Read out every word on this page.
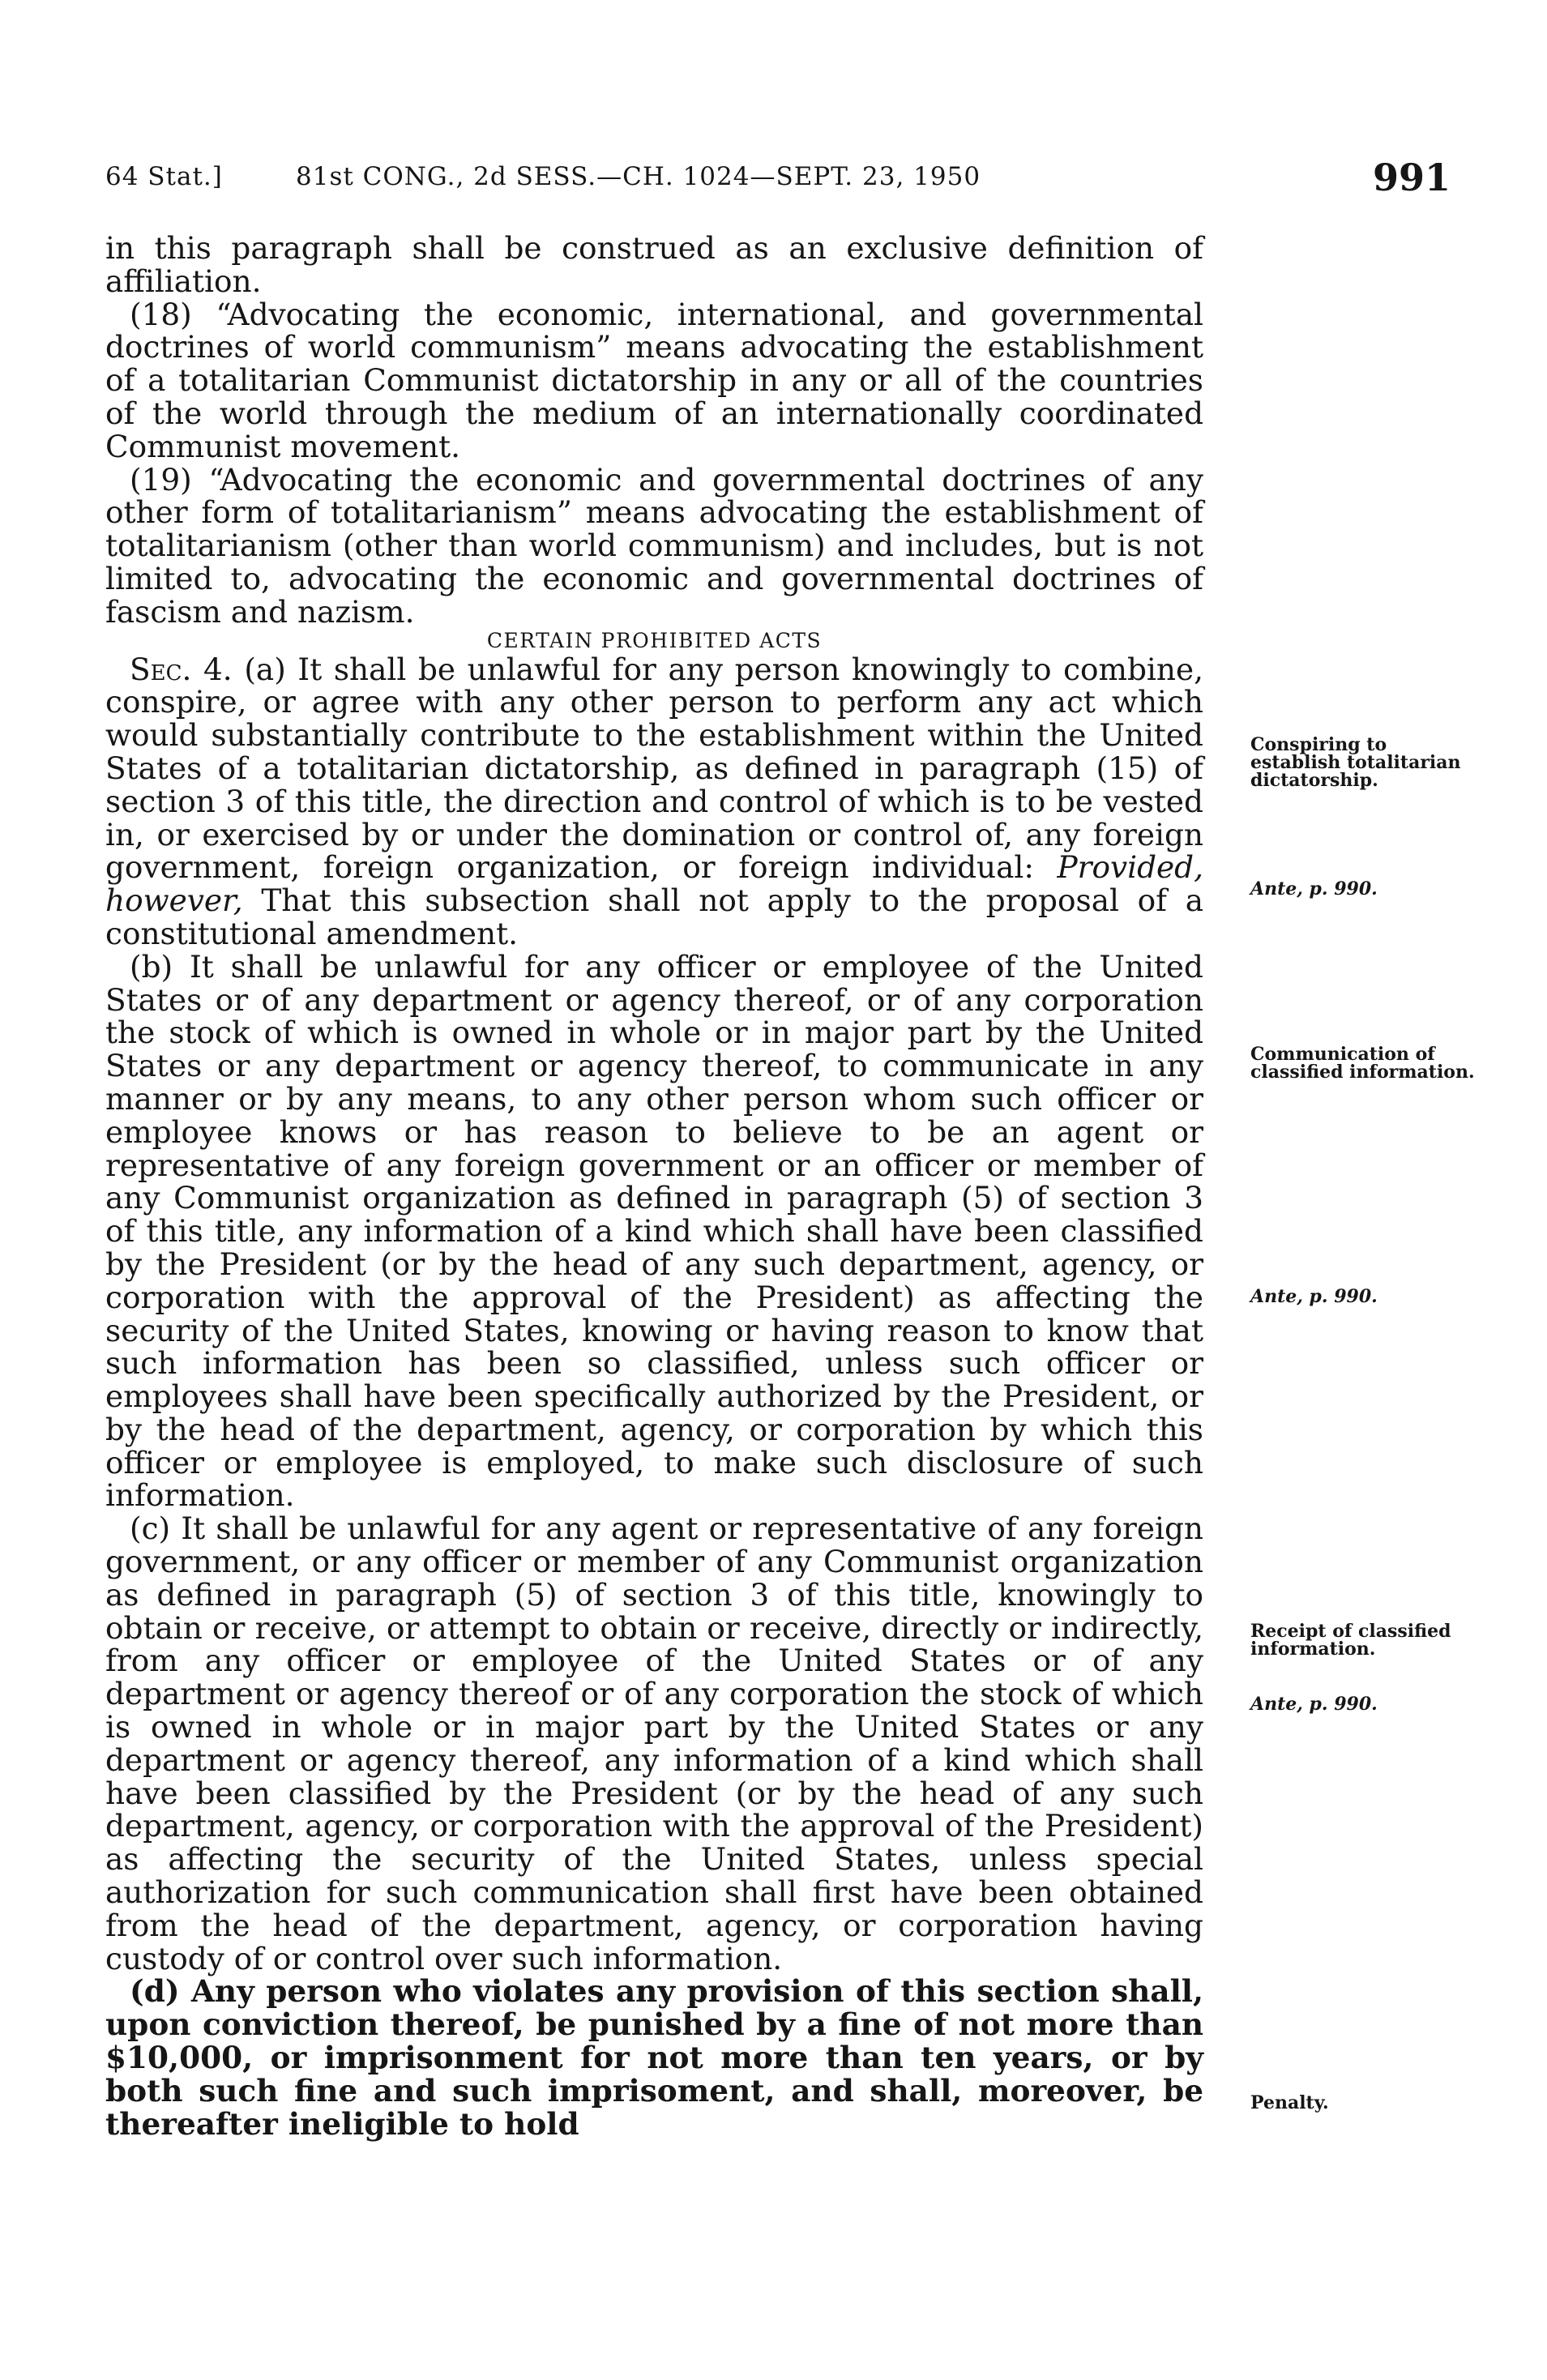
64 Stat.]	81st CONG., 2d SESS.—CH. 1024—SEPT. 23, 1950	991

in this paragraph shall be construed as an exclusive definition of affiliation.

(18) “Advocating the economic, international, and governmental doctrines of world communism” means advocating the establishment of a totalitarian Communist dictatorship in any or all of the countries of the world through the medium of an internationally coordinated Communist movement.

(19) “Advocating the economic and governmental doctrines of any other form of totalitarianism” means advocating the establishment of totalitarianism (other than world communism) and includes, but is not limited to, advocating the economic and governmental doctrines of fascism and nazism.

CERTAIN PROHIBITED ACTS

Sec. 4. (a) It shall be unlawful for any person knowingly to combine, conspire, or agree with any other person to perform any act which would substantially contribute to the establishment within the United States of a totalitarian dictatorship, as defined in paragraph (15) of section 3 of this title, the direction and control of which is to be vested in, or exercised by or under the domination or control of, any foreign government, foreign organization, or foreign individual: Provided, however, That this subsection shall not apply to the proposal of a constitutional amendment.

(b) It shall be unlawful for any officer or employee of the United States or of any department or agency thereof, or of any corporation the stock of which is owned in whole or in major part by the United States or any department or agency thereof, to communicate in any manner or by any means, to any other person whom such officer or employee knows or has reason to believe to be an agent or representative of any foreign government or an officer or member of any Communist organization as defined in paragraph (5) of section 3 of this title, any information of a kind which shall have been classified by the President (or by the head of any such department, agency, or corporation with the approval of the President) as affecting the security of the United States, knowing or having reason to know that such information has been so classified, unless such officer or employees shall have been specifically authorized by the President, or by the head of the department, agency, or corporation by which this officer or employee is employed, to make such disclosure of such information.

(c) It shall be unlawful for any agent or representative of any foreign government, or any officer or member of any Communist organization as defined in paragraph (5) of section 3 of this title, knowingly to obtain or receive, or attempt to obtain or receive, directly or indirectly, from any officer or employee of the United States or of any department or agency thereof or of any corporation the stock of which is owned in whole or in major part by the United States or any department or agency thereof, any information of a kind which shall have been classified by the President (or by the head of any such department, agency, or corporation with the approval of the President) as affecting the security of the United States, unless special authorization for such communication shall first have been obtained from the head of the department, agency, or corporation having custody of or control over such information.

(d) Any person who violates any provision of this section shall, upon conviction thereof, be punished by a fine of not more than $10,000, or imprisonment for not more than ten years, or by both such fine and such imprisoment, and shall, moreover, be thereafter ineligible to hold

Conspiring to establish totalitarian dictatorship.
Ante, p. 990.
Communication of classified information.
Ante, p. 990.
Receipt of classified information.
Ante, p. 990.
Penalty.
